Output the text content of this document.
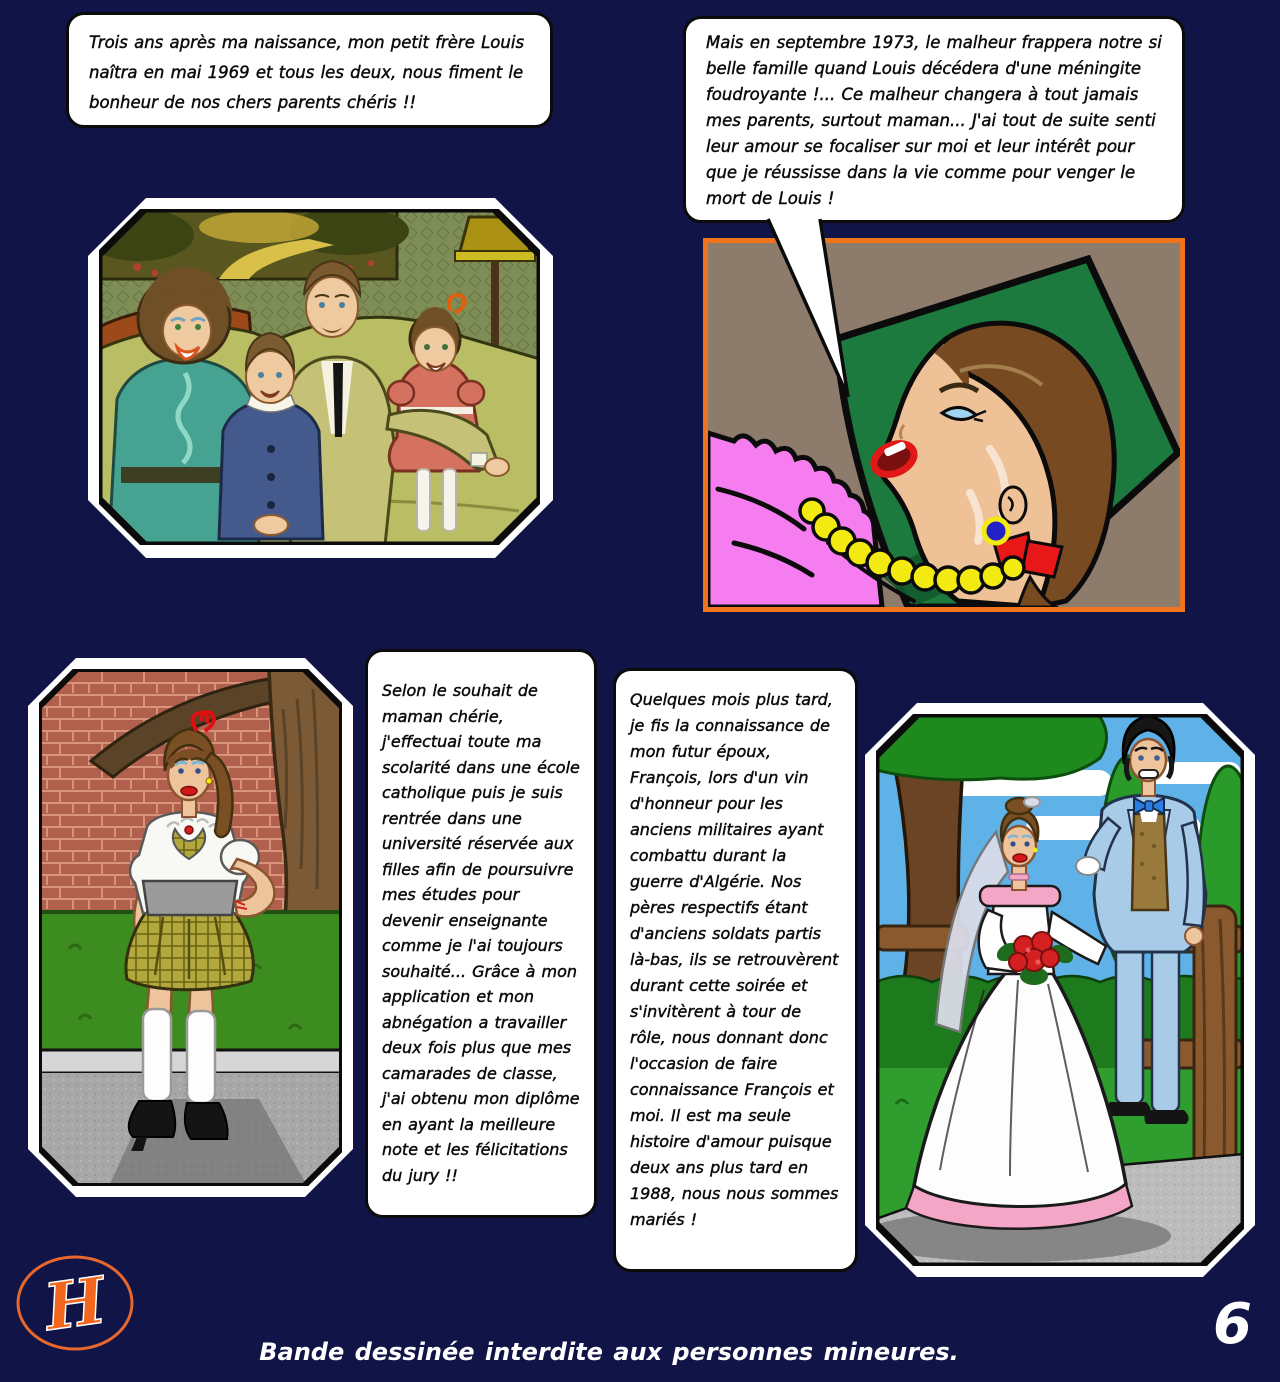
Trois ans après ma naissance, mon petit frère Louis naîtra en mai 1969 et tous les deux, nous fiment le bonheur de nos chers parents chéris !!
Mais en septembre 1973, le malheur frappera notre si belle famille quand Louis décédera d'une méningite foudroyante !... Ce malheur changera à tout jamais mes parents, surtout maman... J'ai tout de suite senti leur amour se focaliser sur moi et leur intérêt pour que je réussisse dans la vie comme pour venger le mort de Louis !
Selon le souhait de maman chérie, j'effectuai toute ma scolarité dans une école catholique puis je suis rentrée dans une université réservée aux filles afin de poursuivre mes études pour devenir enseignante comme je l'ai toujours souhaité... Grâce à mon application et mon abnégation a travailler deux fois plus que mes camarades de classe, j'ai obtenu mon diplôme en ayant la meilleure note et les félicitations du jury !!
Quelques mois plus tard, je fis la connaissance de mon futur époux, François, lors d'un vin d'honneur pour les anciens militaires ayant combattu durant la guerre d'Algérie. Nos pères respectifs étant d'anciens soldats partis là-bas, ils se retrouvèrent durant cette soirée et s'invitèrent à tour de rôle, nous donnant donc l'occasion de faire connaissance François et moi. Il est ma seule histoire d'amour puisque deux ans plus tard en 1988, nous nous sommes mariés !
H
Bande dessinée interdite aux personnes mineures.	6
